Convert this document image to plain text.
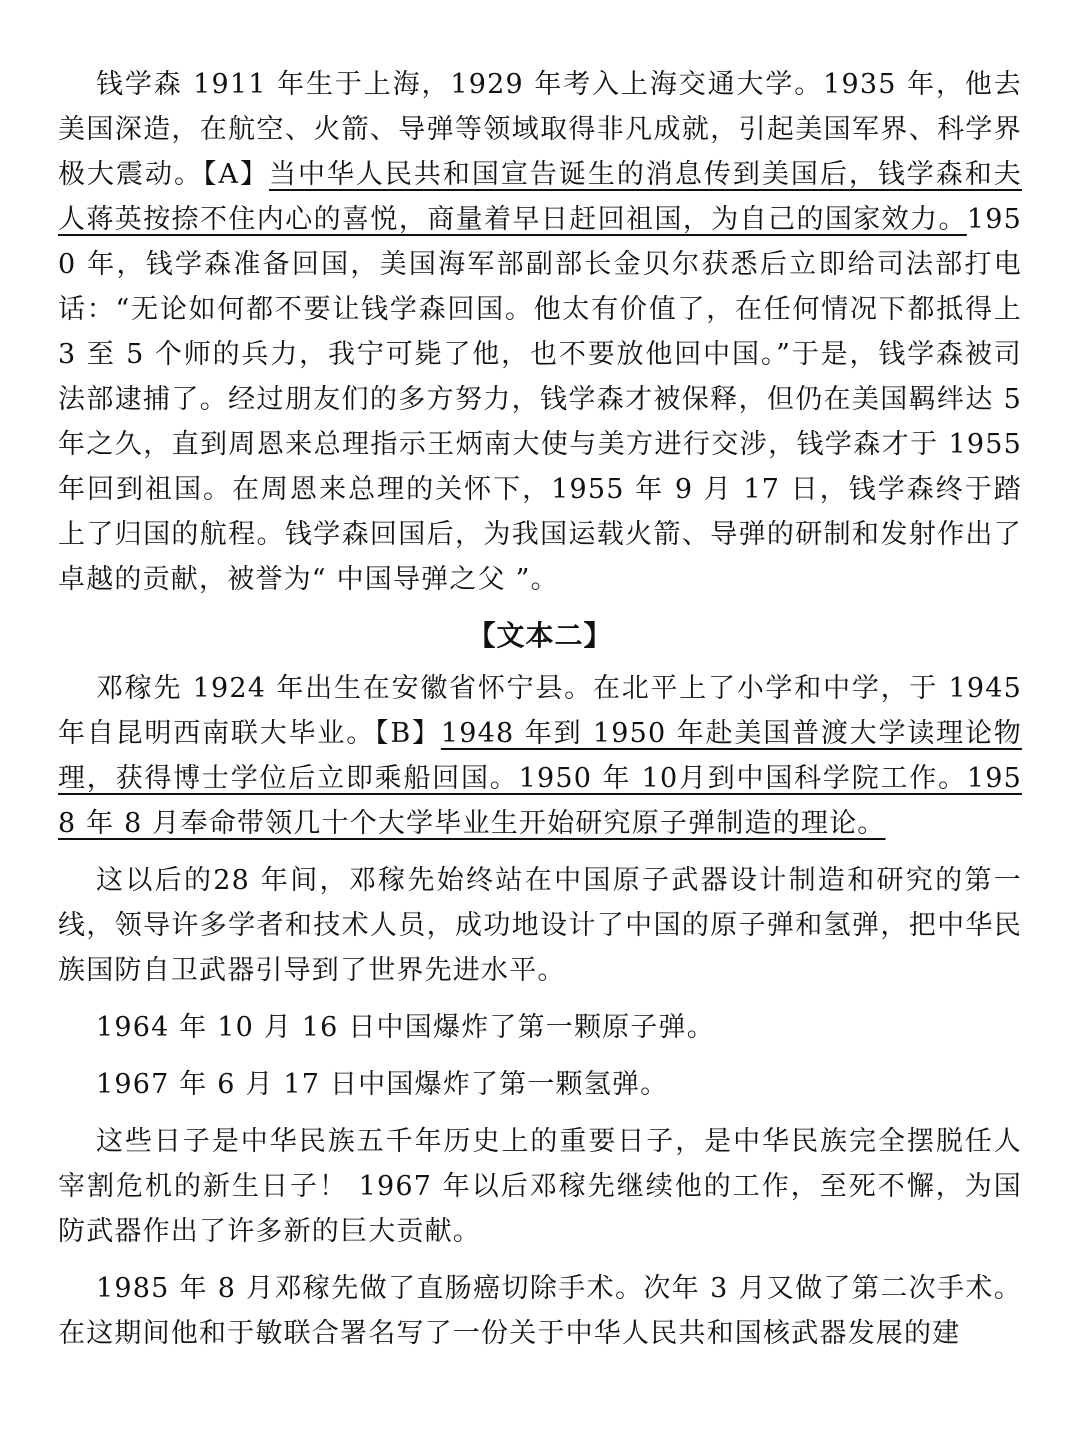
钱学森 1911 年生于上海，1929 年考入上海交通大学。1935 年，他去美国深造，在航空、火箭、导弹等领域取得非凡成就，引起美国军界、科学界极大震动。【A】当中华人民共和国宣告诞生的消息传到美国后，钱学森和夫人蒋英按捺不住内心的喜悦，商量着早日赶回祖国，为自己的国家效力。1950 年，钱学森准备回国，美国海军部副部长金贝尔获悉后立即给司法部打电话：“无论如何都不要让钱学森回国。他太有价值了，在任何情况下都抵得上 3 至 5 个师的兵力，我宁可毙了他，也不要放他回中国。”于是，钱学森被司法部逮捕了。经过朋友们的多方努力，钱学森才被保释，但仍在美国羁绊达 5 年之久，直到周恩来总理指示王炳南大使与美方进行交涉，钱学森才于 1955年回到祖国。在周恩来总理的关怀下，1955 年 9 月 17 日，钱学森终于踏上了归国的航程。钱学森回国后，为我国运载火箭、导弹的研制和发射作出了卓越的贡献，被誉为“ 中国导弹之父 ”。

【文本二】

邓稼先 1924 年出生在安徽省怀宁县。在北平上了小学和中学，于 1945 年自昆明西南联大毕业。【B】1948 年到 1950 年赴美国普渡大学读理论物理，获得博士学位后立即乘船回国。1950 年 10月到中国科学院工作。1958 年 8 月奉命带领几十个大学毕业生开始研究原子弹制造的理论。

这以后的28 年间，邓稼先始终站在中国原子武器设计制造和研究的第一线，领导许多学者和技术人员，成功地设计了中国的原子弹和氢弹，把中华民族国防自卫武器引导到了世界先进水平。

1964 年 10 月 16 日中国爆炸了第一颗原子弹。

1967 年 6 月 17 日中国爆炸了第一颗氢弹。

这些日子是中华民族五千年历史上的重要日子，是中华民族完全摆脱任人宰割危机的新生日子！ 1967 年以后邓稼先继续他的工作，至死不懈，为国防武器作出了许多新的巨大贡献。

1985 年 8 月邓稼先做了直肠癌切除手术。次年 3 月又做了第二次手术。在这期间他和于敏联合署名写了一份关于中华人民共和国核武器发展的建
